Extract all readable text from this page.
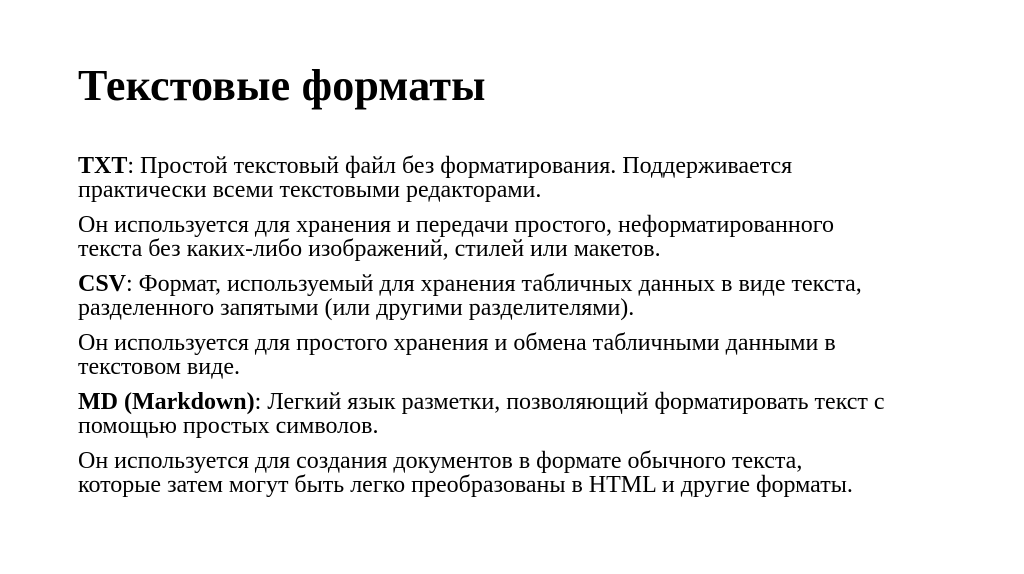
Текстовые форматы

TXT: Простой текстовый файл без форматирования. Поддерживается
практически всеми текстовыми редакторами.

Он используется для хранения и передачи простого, неформатированного
текста без каких-либо изображений, стилей или макетов.

CSV: Формат, используемый для хранения табличных данных в виде текста,
разделенного запятыми (или другими разделителями).

Он используется для простого хранения и обмена табличными данными в
текстовом виде.

MD (Markdown): Легкий язык разметки, позволяющий форматировать текст с
помощью простых символов.

Он используется для создания документов в формате обычного текста,
которые затем могут быть легко преобразованы в HTML и другие форматы.
